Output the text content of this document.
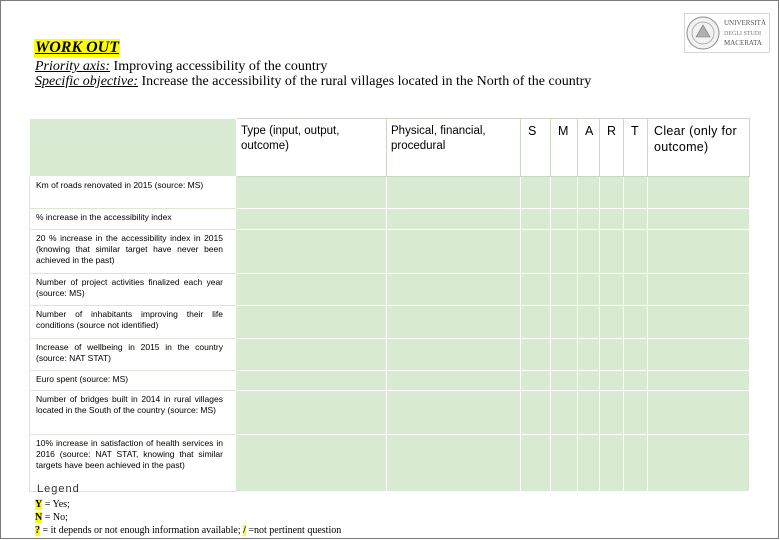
WORK OUT
Priority axis: Improving accessibility of the country
Specific objective: Increase the accessibility of the rural villages located in the North of the country
UNIVERSITÀ
DEGLI STUDI
MACERATA

	Type (input, output, outcome)	Physical, financial, procedural	S	M	A	R	T	Clear (only for outcome)

Km of roads renovated in 2015 (source: MS)								
% increase in the accessibility index								
20 % increase in the accessibility index in 2015 (knowing that similar target have never been achieved in the past)								
Number of project activities finalized each year (source: MS)								
Number of inhabitants improving their life conditions (source not identified)								
Increase of wellbeing in 2015 in the country (source: NAT STAT)								
Euro spent (source: MS)								
Number of bridges built in 2014 in rural villages located in the South of the country (source: MS)								
10% increase in satisfaction of health services in 2016 (source: NAT STAT, knowing that similar targets have been achieved in the past)								
Legend
Y = Yes;
N = No;
? = it depends or not enough information available; / =not pertinent question
